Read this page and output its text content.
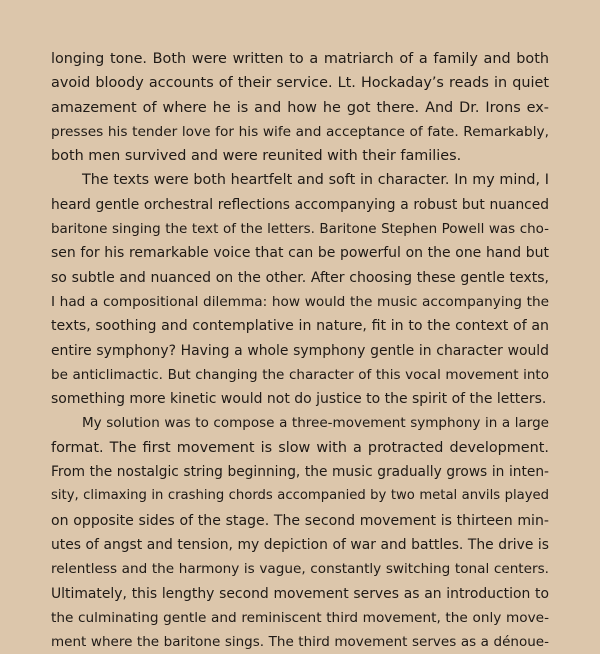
longing tone. Both were written to a matriarch of a family and both
avoid bloody accounts of their service. Lt. Hockaday’s reads in quiet
amazement of where he is and how he got there. And Dr. Irons ex-
presses his tender love for his wife and acceptance of fate. Remarkably,
both men survived and were reunited with their families.
The texts were both heartfelt and soft in character. In my mind, I
heard gentle orchestral reflections accompanying a robust but nuanced
baritone singing the text of the letters. Baritone Stephen Powell was cho-
sen for his remarkable voice that can be powerful on the one hand but
so subtle and nuanced on the other. After choosing these gentle texts,
I had a compositional dilemma: how would the music accompanying the
texts, soothing and contemplative in nature, fit in to the context of an
entire symphony? Having a whole symphony gentle in character would
be anticlimactic. But changing the character of this vocal movement into
something more kinetic would not do justice to the spirit of the letters.
My solution was to compose a three-movement symphony in a large
format. The first movement is slow with a protracted development.
From the nostalgic string beginning, the music gradually grows in inten-
sity, climaxing in crashing chords accompanied by two metal anvils played
on opposite sides of the stage. The second movement is thirteen min-
utes of angst and tension, my depiction of war and battles. The drive is
relentless and the harmony is vague, constantly switching tonal centers.
Ultimately, this lengthy second movement serves as an introduction to
the culminating gentle and reminiscent third movement, the only move-
ment where the baritone sings. The third movement serves as a dénoue-
